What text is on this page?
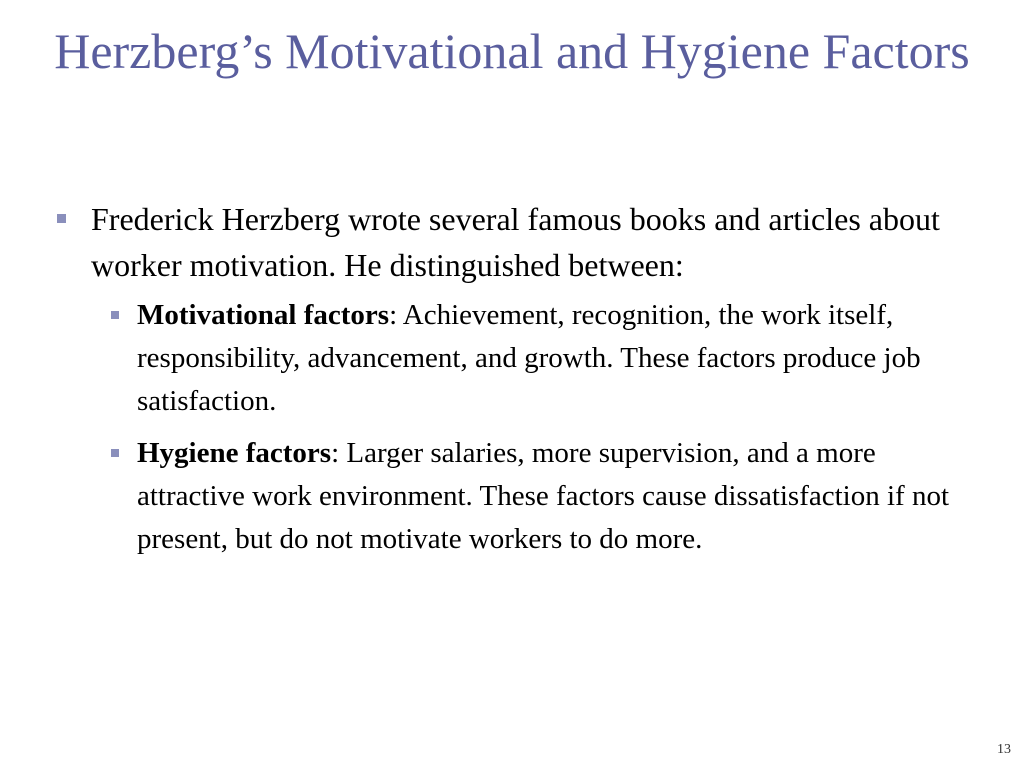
Herzberg’s Motivational and Hygiene Factors
Frederick Herzberg wrote several famous books and articles about worker motivation. He distinguished between:
Motivational factors: Achievement, recognition, the work itself, responsibility, advancement, and growth. These factors produce job satisfaction.
Hygiene factors: Larger salaries, more supervision, and a more attractive work environment. These factors cause dissatisfaction if not present, but do not motivate workers to do more.
13
